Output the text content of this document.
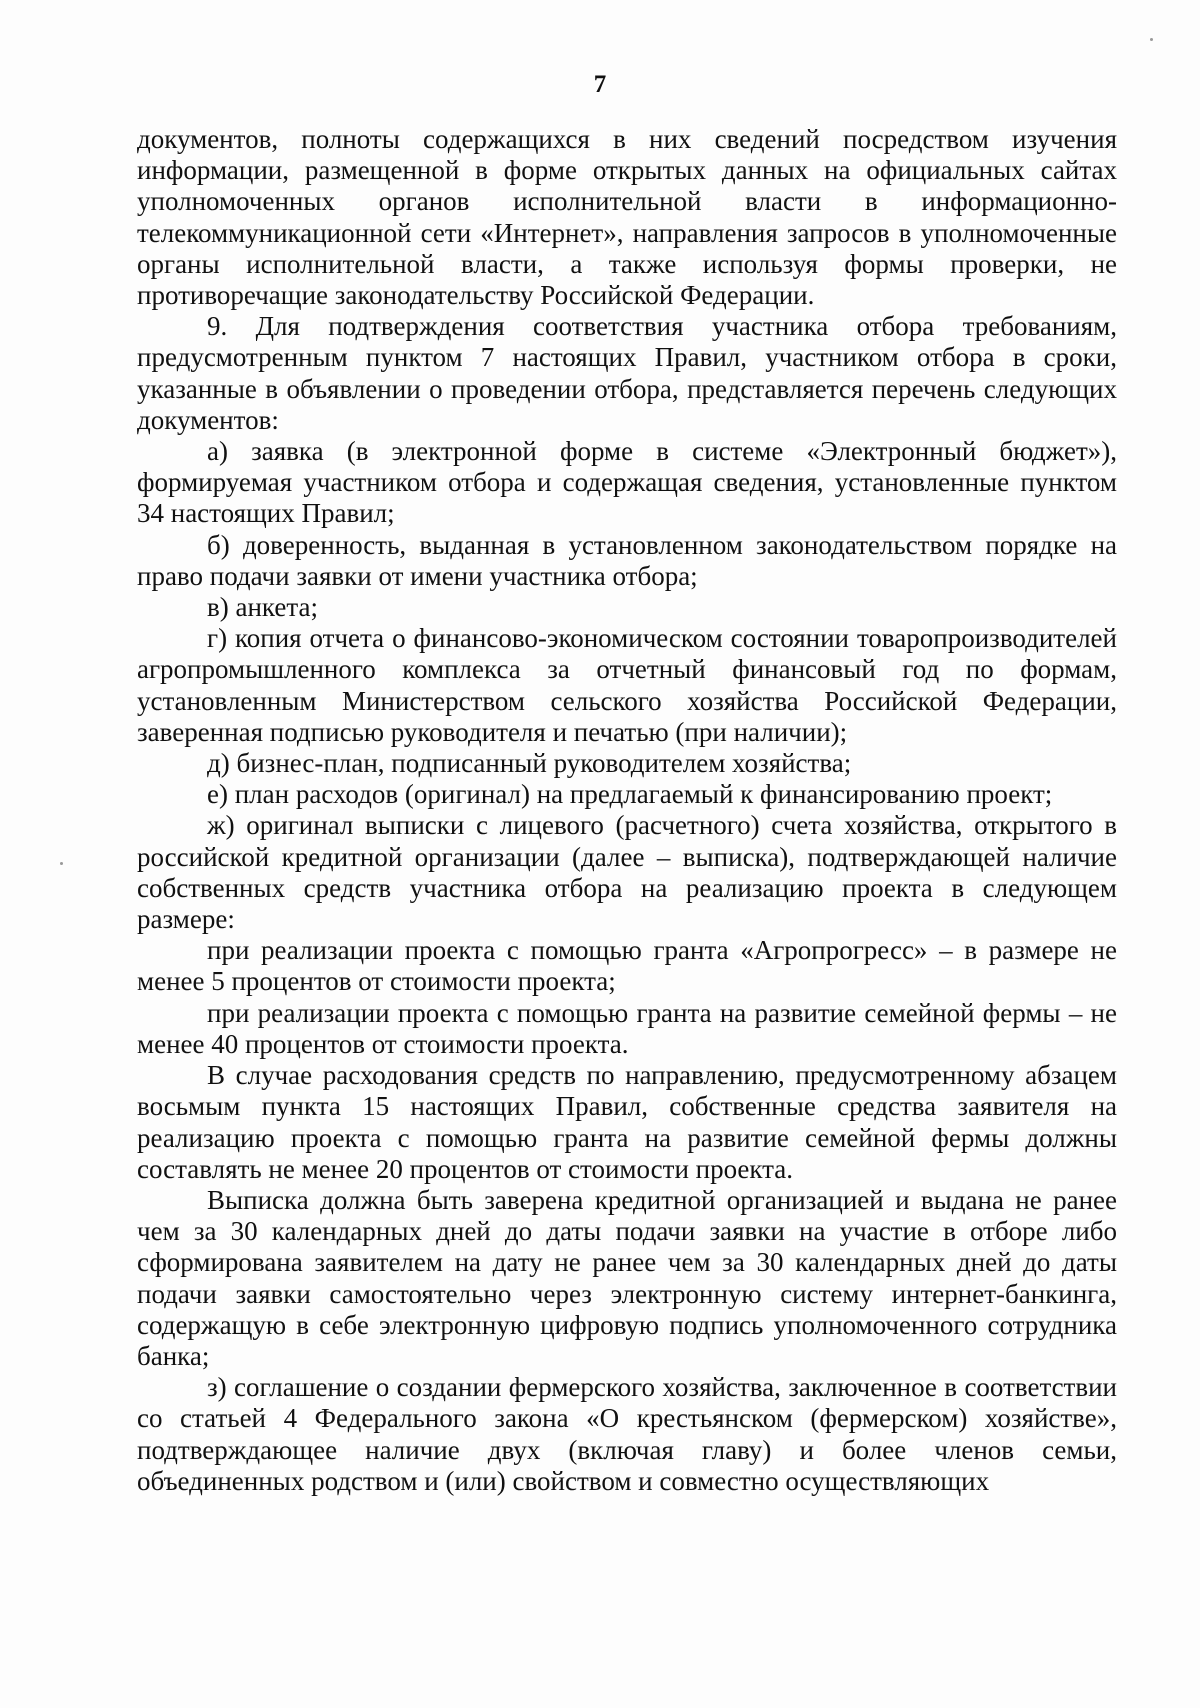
7

документов, полноты содержащихся в них сведений посредством изучения информации, размещенной в форме открытых данных на официальных сайтах уполномоченных органов исполнительной власти в информационно-телекоммуникационной сети «Интернет», направления запросов в уполномоченные органы исполнительной власти, а также используя формы проверки, не противоречащие законодательству Российской Федерации.

9. Для подтверждения соответствия участника отбора требованиям, предусмотренным пунктом 7 настоящих Правил, участником отбора в сроки, указанные в объявлении о проведении отбора, представляется перечень следующих документов:

а) заявка (в электронной форме в системе «Электронный бюджет»), формируемая участником отбора и содержащая сведения, установленные пунктом 34 настоящих Правил;

б) доверенность, выданная в установленном законодательством порядке на право подачи заявки от имени участника отбора;

в) анкета;

г) копия отчета о финансово-экономическом состоянии товаропроизводителей агропромышленного комплекса за отчетный финансовый год по формам, установленным Министерством сельского хозяйства Российской Федерации, заверенная подписью руководителя и печатью (при наличии);

д) бизнес-план, подписанный руководителем хозяйства;

е) план расходов (оригинал) на предлагаемый к финансированию проект;

ж) оригинал выписки с лицевого (расчетного) счета хозяйства, открытого в российской кредитной организации (далее – выписка), подтверждающей наличие собственных средств участника отбора на реализацию проекта в следующем размере:

при реализации проекта с помощью гранта «Агропрогресс» – в размере не менее 5 процентов от стоимости проекта;

при реализации проекта с помощью гранта на развитие семейной фермы – не менее 40 процентов от стоимости проекта.

В случае расходования средств по направлению, предусмотренному абзацем восьмым пункта 15 настоящих Правил, собственные средства заявителя на реализацию проекта с помощью гранта на развитие семейной фермы должны составлять не менее 20 процентов от стоимости проекта.

Выписка должна быть заверена кредитной организацией и выдана не ранее чем за 30 календарных дней до даты подачи заявки на участие в отборе либо сформирована заявителем на дату не ранее чем за 30 календарных дней до даты подачи заявки самостоятельно через электронную систему интернет-банкинга, содержащую в себе электронную цифровую подпись уполномоченного сотрудника банка;

з) соглашение о создании фермерского хозяйства, заключенное в соответствии со статьей 4 Федерального закона «О крестьянском (фермерском) хозяйстве», подтверждающее наличие двух (включая главу) и более членов семьи, объединенных родством и (или) свойством и совместно осуществляющих
